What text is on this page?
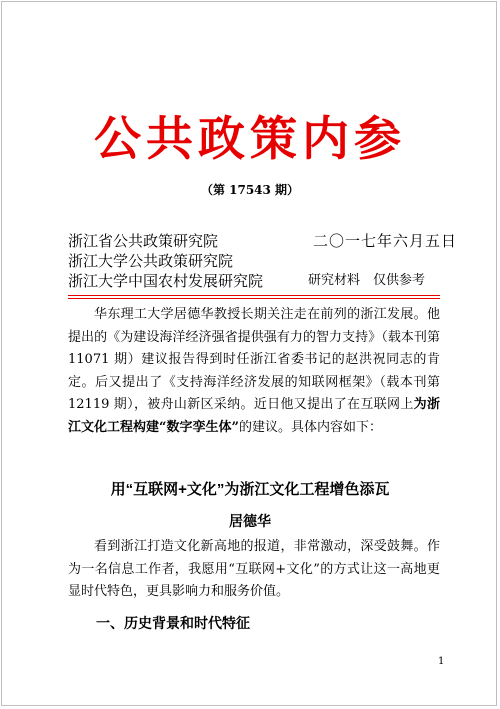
公共政策内参
（第 17543 期）
浙江省公共政策研究院
浙江大学公共政策研究院
浙江大学中国农村发展研究院
二〇一七年六月五日
研究材料　仅供参考

华东理工大学居德华教授长期关注走在前列的浙江发展。他提出的《为建设海洋经济强省提供强有力的智力支持》（载本刊第 11071 期）建议报告得到时任浙江省委书记的赵洪祝同志的肯定。后又提出了《支持海洋经济发展的知联网框架》（载本刊第 12119 期），被舟山新区采纳。近日他又提出了在互联网上为浙江文化工程构建“数字孪生体”的建议。具体内容如下：

用“互联网+文化”为浙江文化工程增色添瓦
居德华

看到浙江打造文化新高地的报道，非常激动，深受鼓舞。作为一名信息工作者，我愿用“互联网+文化”的方式让这一高地更显时代特色，更具影响力和服务价值。

一、历史背景和时代特征
1
